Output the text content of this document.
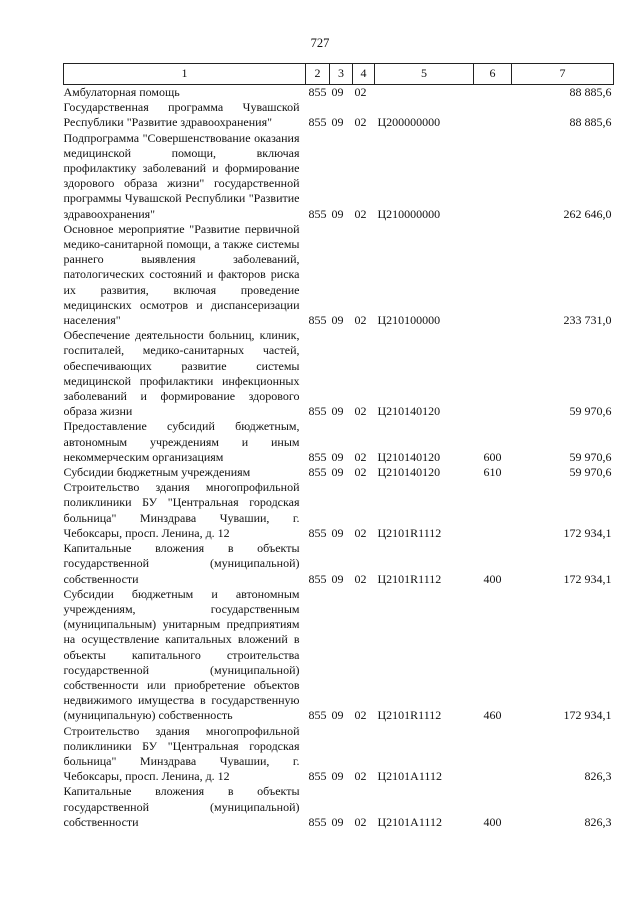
727
1	2	3	4	5	6	7

Амбулаторная помощь	855	09	02			88 885,6

Государственная программа Чувашской Республики "Развитие здравоохранения"	855	09	02	Ц200000000		88 885,6

Подпрограмма "Совершенствование оказания медицинской помощи, включая профилактику заболеваний и формирование здорового образа жизни" государственной программы Чувашской Республики "Развитие здравоохранения"	855	09	02	Ц210000000		262 646,0

Основное мероприятие "Развитие первичной медико-санитарной помощи, а также системы раннего выявления заболеваний, патологических состояний и факторов риска их развития, включая проведение медицинских осмотров и диспансеризации населения"	855	09	02	Ц210100000		233 731,0

Обеспечение деятельности больниц, клиник, госпиталей, медико-санитарных частей, обеспечивающих развитие системы медицинской профилактики инфекционных заболеваний и формирование здорового образа жизни	855	09	02	Ц210140120		59 970,6

Предоставление субсидий бюджетным, автономным учреждениям и иным некоммерческим организациям	855	09	02	Ц210140120	600	59 970,6

Субсидии бюджетным учреждениям	855	09	02	Ц210140120	610	59 970,6

Строительство здания многопрофильной поликлиники БУ "Центральная городская больница" Минздрава Чувашии, г. Чебоксары, просп. Ленина, д. 12	855	09	02	Ц2101R1112		172 934,1

Капитальные вложения в объекты государственной (муниципальной) собственности	855	09	02	Ц2101R1112	400	172 934,1

Субсидии бюджетным и автономным учреждениям, государственным (муниципальным) унитарным предприятиям на осуществление капитальных вложений в объекты капитального строительства государственной (муниципальной) собственности или приобретение объектов недвижимого имущества в государственную (муниципальную) собственность	855	09	02	Ц2101R1112	460	172 934,1

Строительство здания многопрофильной поликлиники БУ "Центральная городская больница" Минздрава Чувашии, г. Чебоксары, просп. Ленина, д. 12	855	09	02	Ц2101А1112		826,3

Капитальные вложения в объекты государственной (муниципальной) собственности	855	09	02	Ц2101А1112	400	826,3
